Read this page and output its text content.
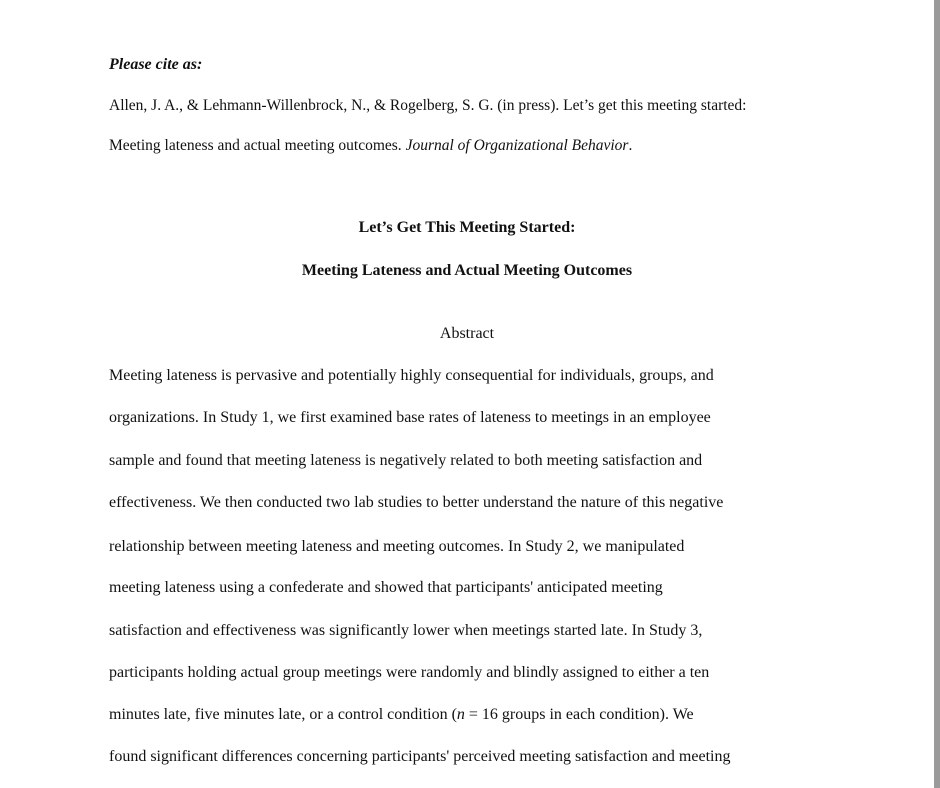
Please cite as:
Allen, J. A., & Lehmann-Willenbrock, N., & Rogelberg, S. G. (in press). Let’s get this meeting started:
Meeting lateness and actual meeting outcomes. Journal of Organizational Behavior.
Let’s Get This Meeting Started:
Meeting Lateness and Actual Meeting Outcomes
Abstract
Meeting lateness is pervasive and potentially highly consequential for individuals, groups, and
organizations. In Study 1, we first examined base rates of lateness to meetings in an employee
sample and found that meeting lateness is negatively related to both meeting satisfaction and
effectiveness. We then conducted two lab studies to better understand the nature of this negative
relationship between meeting lateness and meeting outcomes. In Study 2, we manipulated
meeting lateness using a confederate and showed that participants' anticipated meeting
satisfaction and effectiveness was significantly lower when meetings started late. In Study 3,
participants holding actual group meetings were randomly and blindly assigned to either a ten
minutes late, five minutes late, or a control condition (n = 16 groups in each condition). We
found significant differences concerning participants' perceived meeting satisfaction and meeting
